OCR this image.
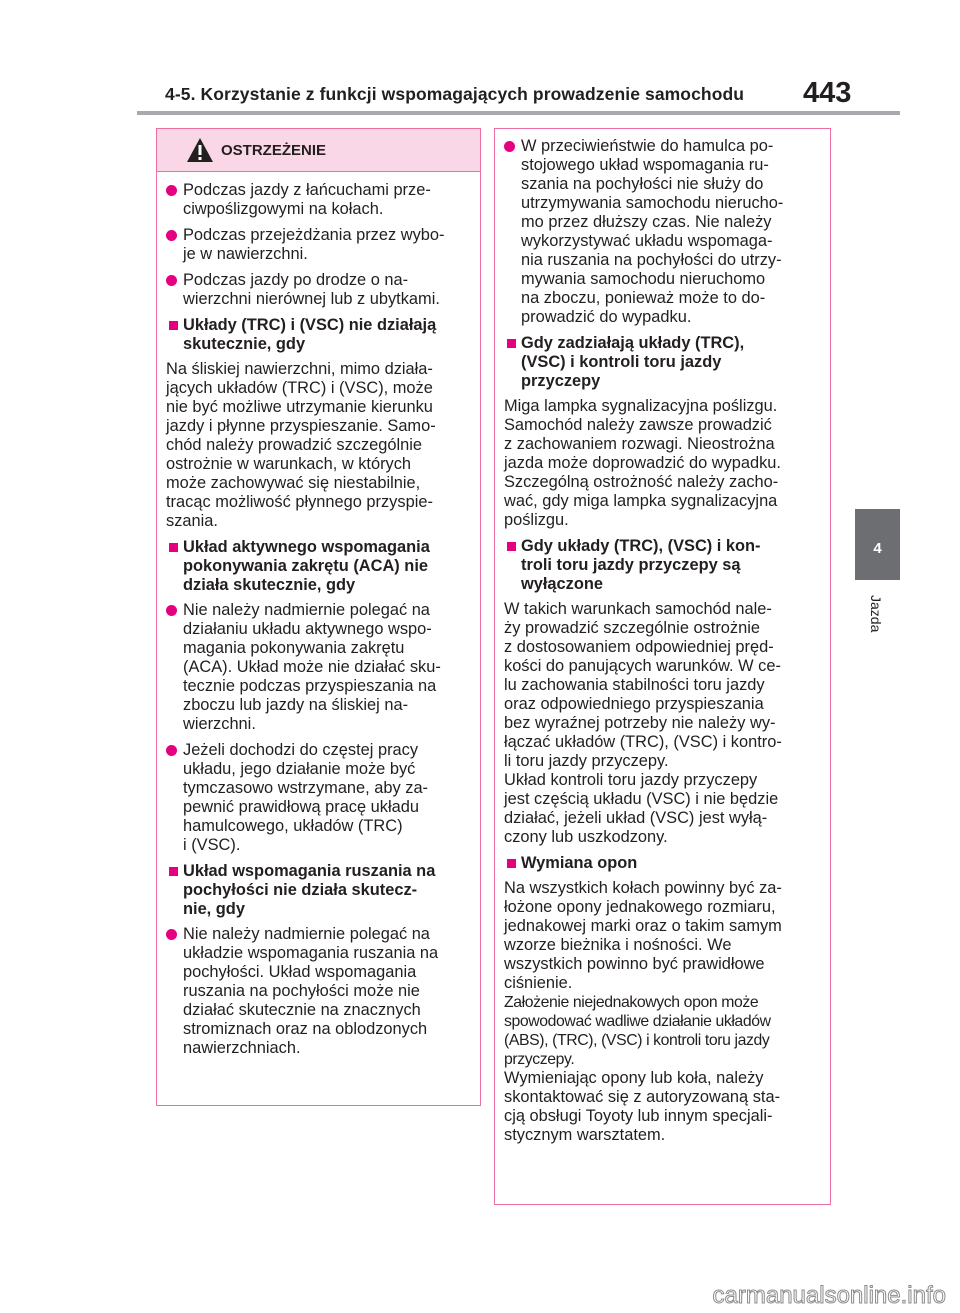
4-5. Korzystanie z funkcji wspomagających prowadzenie samochodu 443
4
Jazda
OSTRZEŻENIE
Podczas jazdy z łańcuchami prze-
ciwpoślizgowymi na kołach.
Podczas przejeżdżania przez wybo-
je w nawierzchni.
Podczas jazdy po drodze o na-
wierzchni nierównej lub z ubytkami.
Układy (TRC) i (VSC) nie działają
skutecznie, gdy
Na śliskiej nawierzchni, mimo działa-
jących układów (TRC) i (VSC), może
nie być możliwe utrzymanie kierunku
jazdy i płynne przyspieszanie. Samo-
chód należy prowadzić szczególnie
ostrożnie w warunkach, w których
może zachowywać się niestabilnie,
tracąc możliwość płynnego przyspie-
szania.
Układ aktywnego wspomagania
pokonywania zakrętu (ACA) nie
działa skutecznie, gdy
Nie należy nadmiernie polegać na
działaniu układu aktywnego wspo-
magania pokonywania zakrętu
(ACA). Układ może nie działać sku-
tecznie podczas przyspieszania na
zboczu lub jazdy na śliskiej na-
wierzchni.
Jeżeli dochodzi do częstej pracy
układu, jego działanie może być
tymczasowo wstrzymane, aby za-
pewnić prawidłową pracę układu
hamulcowego, układów (TRC)
i (VSC).
Układ wspomagania ruszania na
pochyłości nie działa skutecz-
nie, gdy
Nie należy nadmiernie polegać na
układzie wspomagania ruszania na
pochyłości. Układ wspomagania
ruszania na pochyłości może nie
działać skutecznie na znacznych
stromiznach oraz na oblodzonych
nawierzchniach.
W przeciwieństwie do hamulca po-
stojowego układ wspomagania ru-
szania na pochyłości nie służy do
utrzymywania samochodu nierucho-
mo przez dłuższy czas. Nie należy
wykorzystywać układu wspomaga-
nia ruszania na pochyłości do utrzy-
mywania samochodu nieruchomo
na zboczu, ponieważ może to do-
prowadzić do wypadku.
Gdy zadziałają układy (TRC),
(VSC) i kontroli toru jazdy
przyczepy
Miga lampka sygnalizacyjna poślizgu.
Samochód należy zawsze prowadzić
z zachowaniem rozwagi. Nieostrożna
jazda może doprowadzić do wypadku.
Szczególną ostrożność należy zacho-
wać, gdy miga lampka sygnalizacyjna
poślizgu.
Gdy układy (TRC), (VSC) i kon-
troli toru jazdy przyczepy są
wyłączone
W takich warunkach samochód nale-
ży prowadzić szczególnie ostrożnie
z dostosowaniem odpowiedniej pręd-
kości do panujących warunków. W ce-
lu zachowania stabilności toru jazdy
oraz odpowiedniego przyspieszania
bez wyraźnej potrzeby nie należy wy-
łączać układów (TRC), (VSC) i kontro-
li toru jazdy przyczepy.
Układ kontroli toru jazdy przyczepy
jest częścią układu (VSC) i nie będzie
działać, jeżeli układ (VSC) jest wyłą-
czony lub uszkodzony.
Wymiana opon
Na wszystkich kołach powinny być za-
łożone opony jednakowego rozmiaru,
jednakowej marki oraz o takim samym
wzorze bieżnika i nośności. We
wszystkich powinno być prawidłowe
ciśnienie.
Założenie niejednakowych opon może
spowodować wadliwe działanie układów
(ABS), (TRC), (VSC) i kontroli toru jazdy
przyczepy.
Wymieniając opony lub koła, należy
skontaktować się z autoryzowaną sta-
cją obsługi Toyoty lub innym specjali-
stycznym warsztatem.
carmanualsonline.info
